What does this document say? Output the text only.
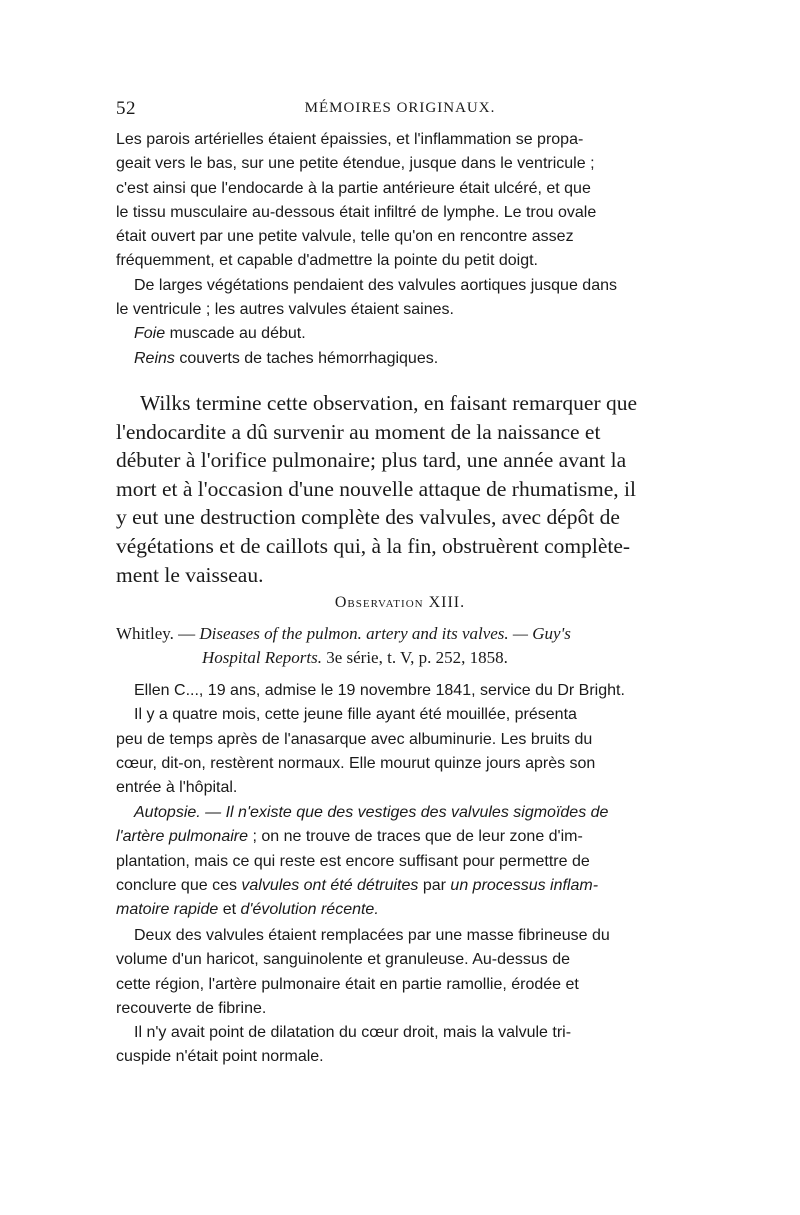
52	MÉMOIRES ORIGINAUX.
Les parois artérielles étaient épaissies, et l'inflammation se propa-
geait vers le bas, sur une petite étendue, jusque dans le ventricule ;
c'est ainsi que l'endocarde à la partie antérieure était ulcéré, et que
le tissu musculaire au-dessous était infiltré de lymphe. Le trou ovale
était ouvert par une petite valvule, telle qu'on en rencontre assez
fréquemment, et capable d'admettre la pointe du petit doigt.
De larges végétations pendaient des valvules aortiques jusque dans
le ventricule ; les autres valvules étaient saines.
Foie muscade au début.
Reins couverts de taches hémorrhagiques.
Wilks termine cette observation, en faisant remarquer que
l'endocardite a dû survenir au moment de la naissance et
débuter à l'orifice pulmonaire; plus tard, une année avant la
mort et à l'occasion d'une nouvelle attaque de rhumatisme, il
y eut une destruction complète des valvules, avec dépôt de
végétations et de caillots qui, à la fin, obstruèrent complète-
ment le vaisseau.
Observation XIII.
Whitley. — Diseases of the pulmon. artery and its valves. — Guy's
Hospital Reports. 3e série, t. V, p. 252, 1858.
Ellen C..., 19 ans, admise le 19 novembre 1841, service du Dr Bright.
Il y a quatre mois, cette jeune fille ayant été mouillée, présenta
peu de temps après de l'anasarque avec albuminurie. Les bruits du
cœur, dit-on, restèrent normaux. Elle mourut quinze jours après son
entrée à l'hôpital.
Autopsie. — Il n'existe que des vestiges des valvules sigmoïdes de
l'artère pulmonaire ; on ne trouve de traces que de leur zone d'im-
plantation, mais ce qui reste est encore suffisant pour permettre de
conclure que ces valvules ont été détruites par un processus inflam-
matoire rapide et d'évolution récente.
Deux des valvules étaient remplacées par une masse fibrineuse du
volume d'un haricot, sanguinolente et granuleuse. Au-dessus de
cette région, l'artère pulmonaire était en partie ramollie, érodée et
recouverte de fibrine.
Il n'y avait point de dilatation du cœur droit, mais la valvule tri-
cuspide n'était point normale.
